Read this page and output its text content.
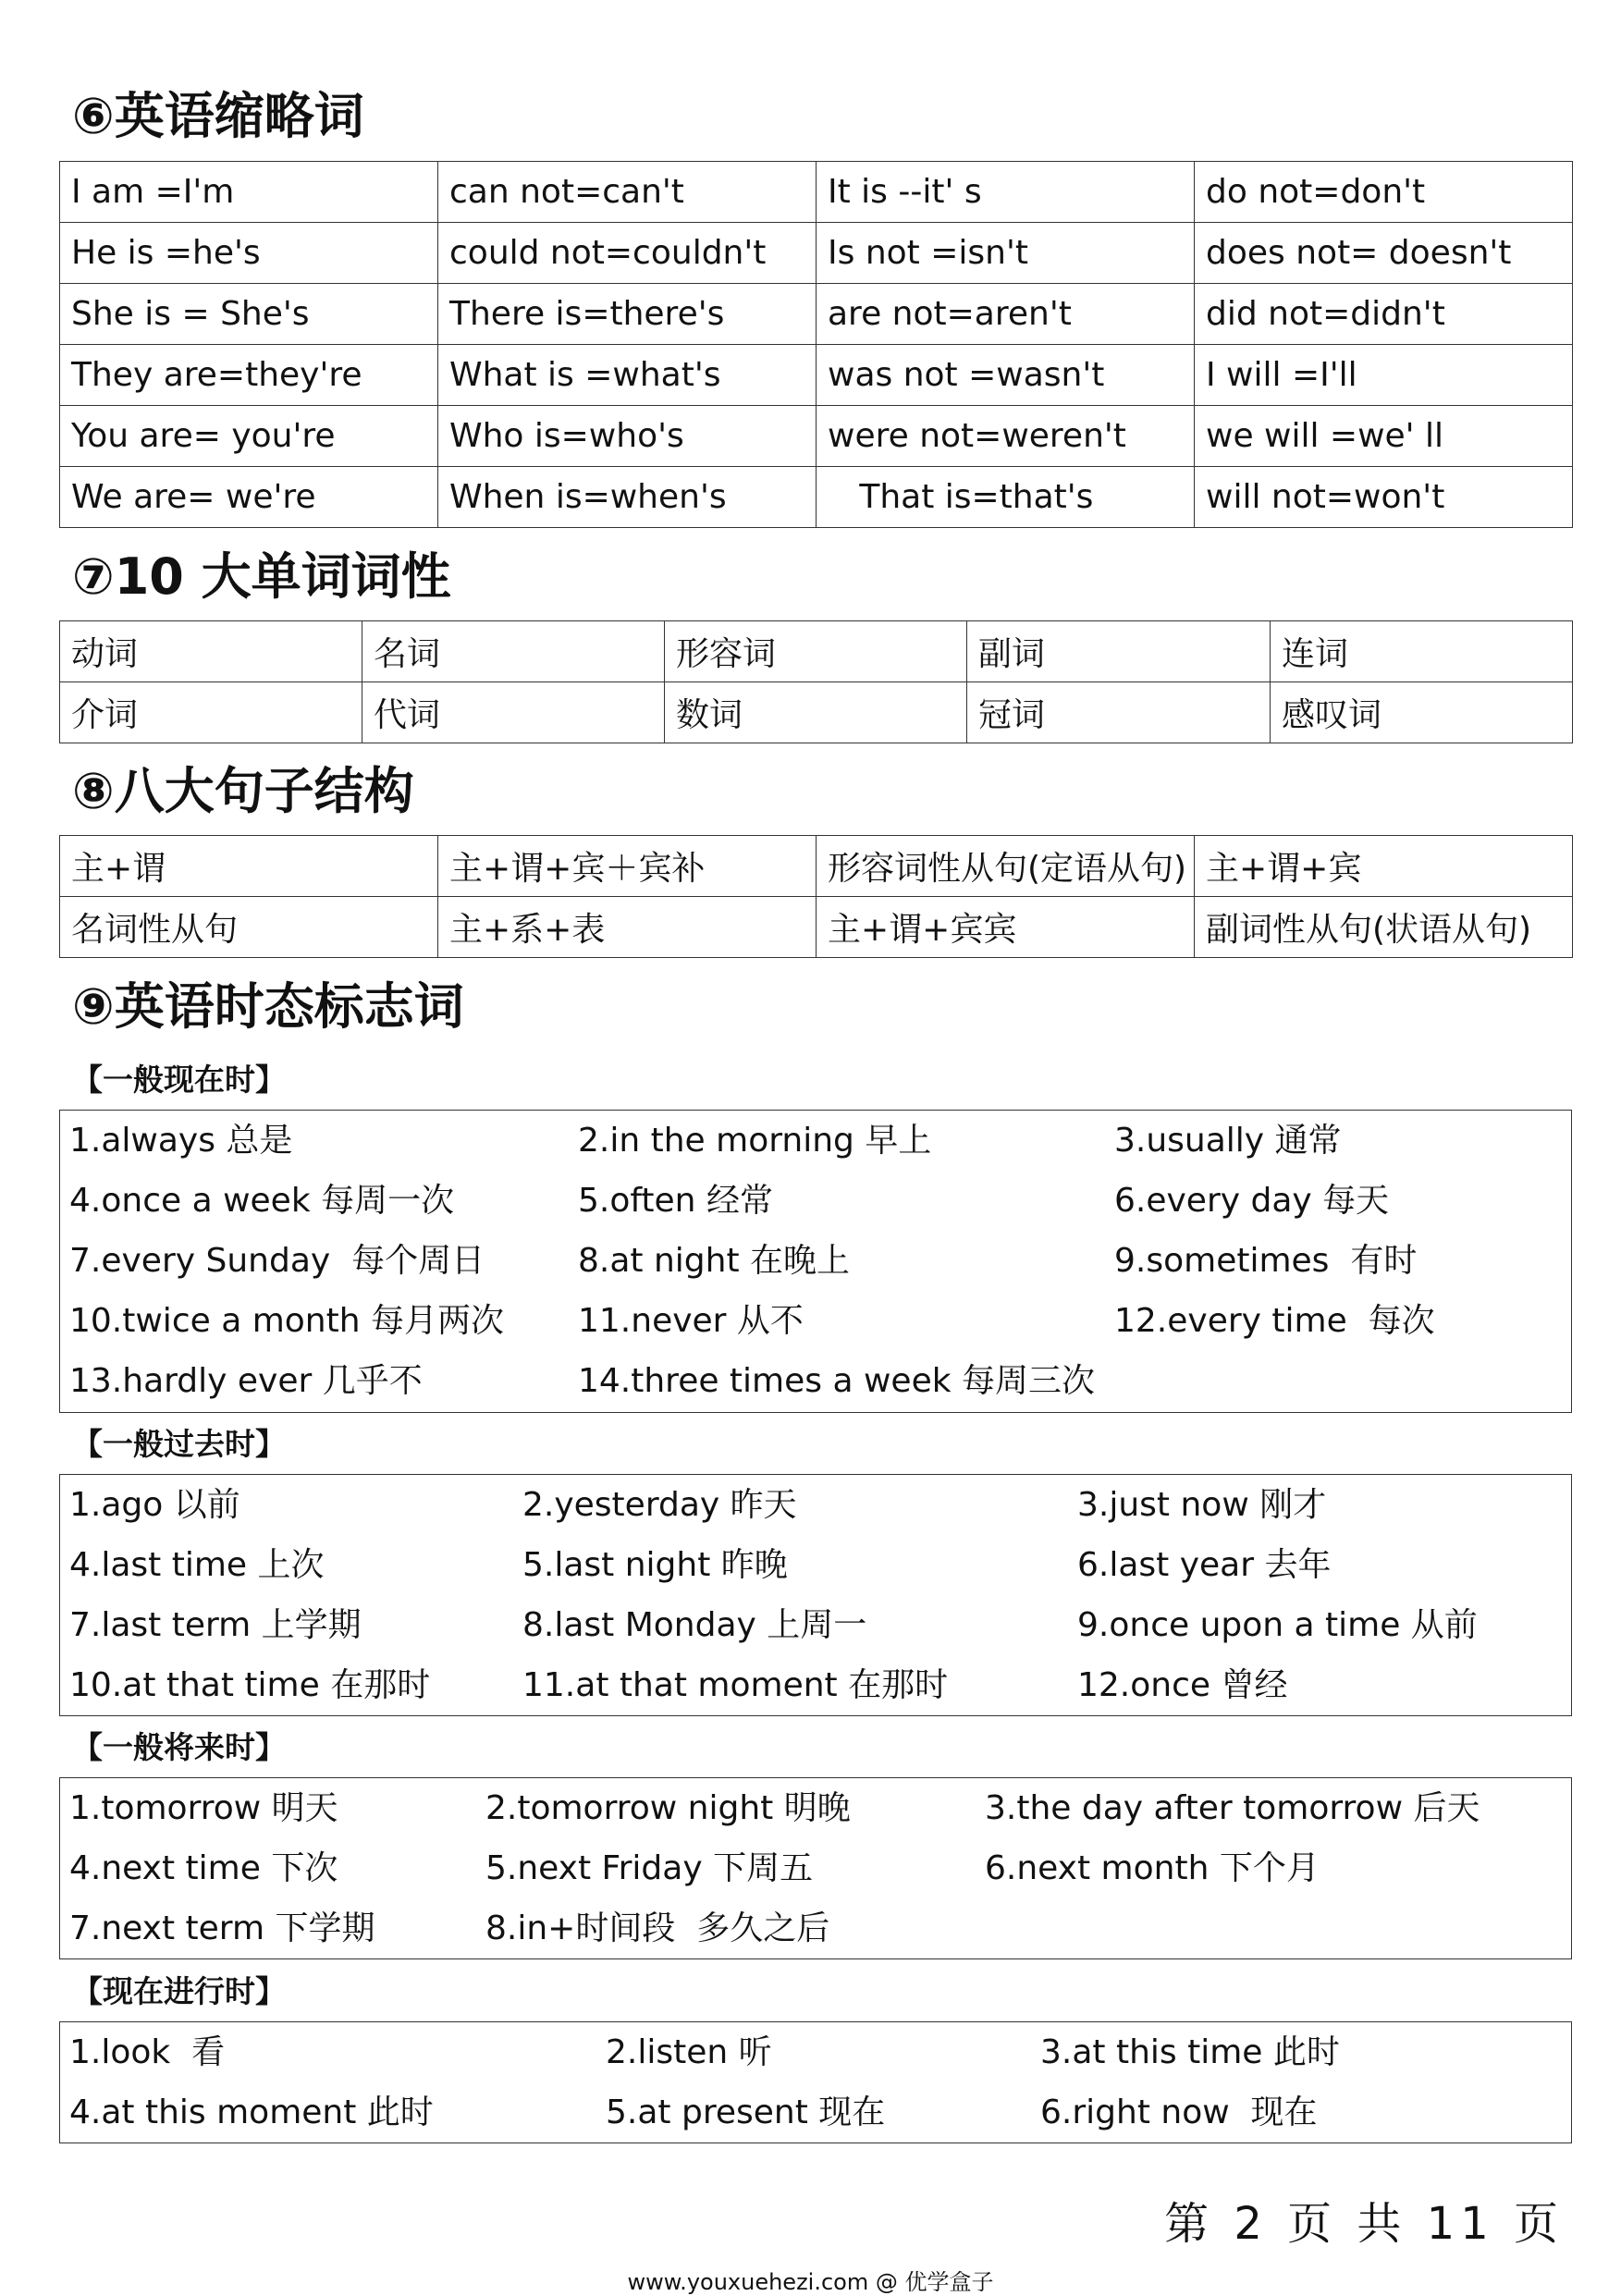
⑥英语缩略词
I am =I'm	can not=can't	It is --it' s	do not=don't
He is =he's	could not=couldn't	Is not =isn't	does not= doesn't
She is = She's	There is=there's	are not=aren't	did not=didn't
They are=they're	What is =what's	was not =wasn't	I will =I'll
You are= you're	Who is=who's	were not=weren't	we will =we' ll
We are= we're	When is=when's	That is=that's	will not=won't
⑦10 大单词词性
动词	名词	形容词	副词	连词
介词	代词	数词	冠词	感叹词
⑧八大句子结构
主+谓	主+谓+宾＋宾补	形容词性从句(定语从句)	主+谓+宾
名词性从句	主+系+表	主+谓+宾宾	副词性从句(状语从句)
⑨英语时态标志词
【一般现在时】
1.always 总是	2.in the morning 早上	3.usually 通常
4.once a week 每周一次	5.often 经常	6.every day 每天
7.every Sunday  每个周日	8.at night 在晚上	9.sometimes  有时
10.twice a month 每月两次 11.never 从不	12.every time  每次
13.hardly ever 几乎不	14.three times a week 每周三次
【一般过去时】
1.ago 以前	2.yesterday 昨天	3.just now 刚才
4.last time 上次	5.last night 昨晚	6.last year 去年
7.last term 上学期	8.last Monday 上周一	9.once upon a time 从前
10.at that time 在那时	11.at that moment 在那时	12.once 曾经
【一般将来时】
1.tomorrow 明天	2.tomorrow night 明晚	3.the day after tomorrow 后天
4.next time 下次	5.next Friday 下周五	6.next month 下个月
7.next term 下学期	8.in+时间段  多久之后
【现在进行时】
1.look  看	2.listen 听	3.at this time 此时
4.at this moment 此时	5.at present 现在	6.right now  现在
第 2 页 共 11 页
www.youxuehezi.com @ 优学盒子
